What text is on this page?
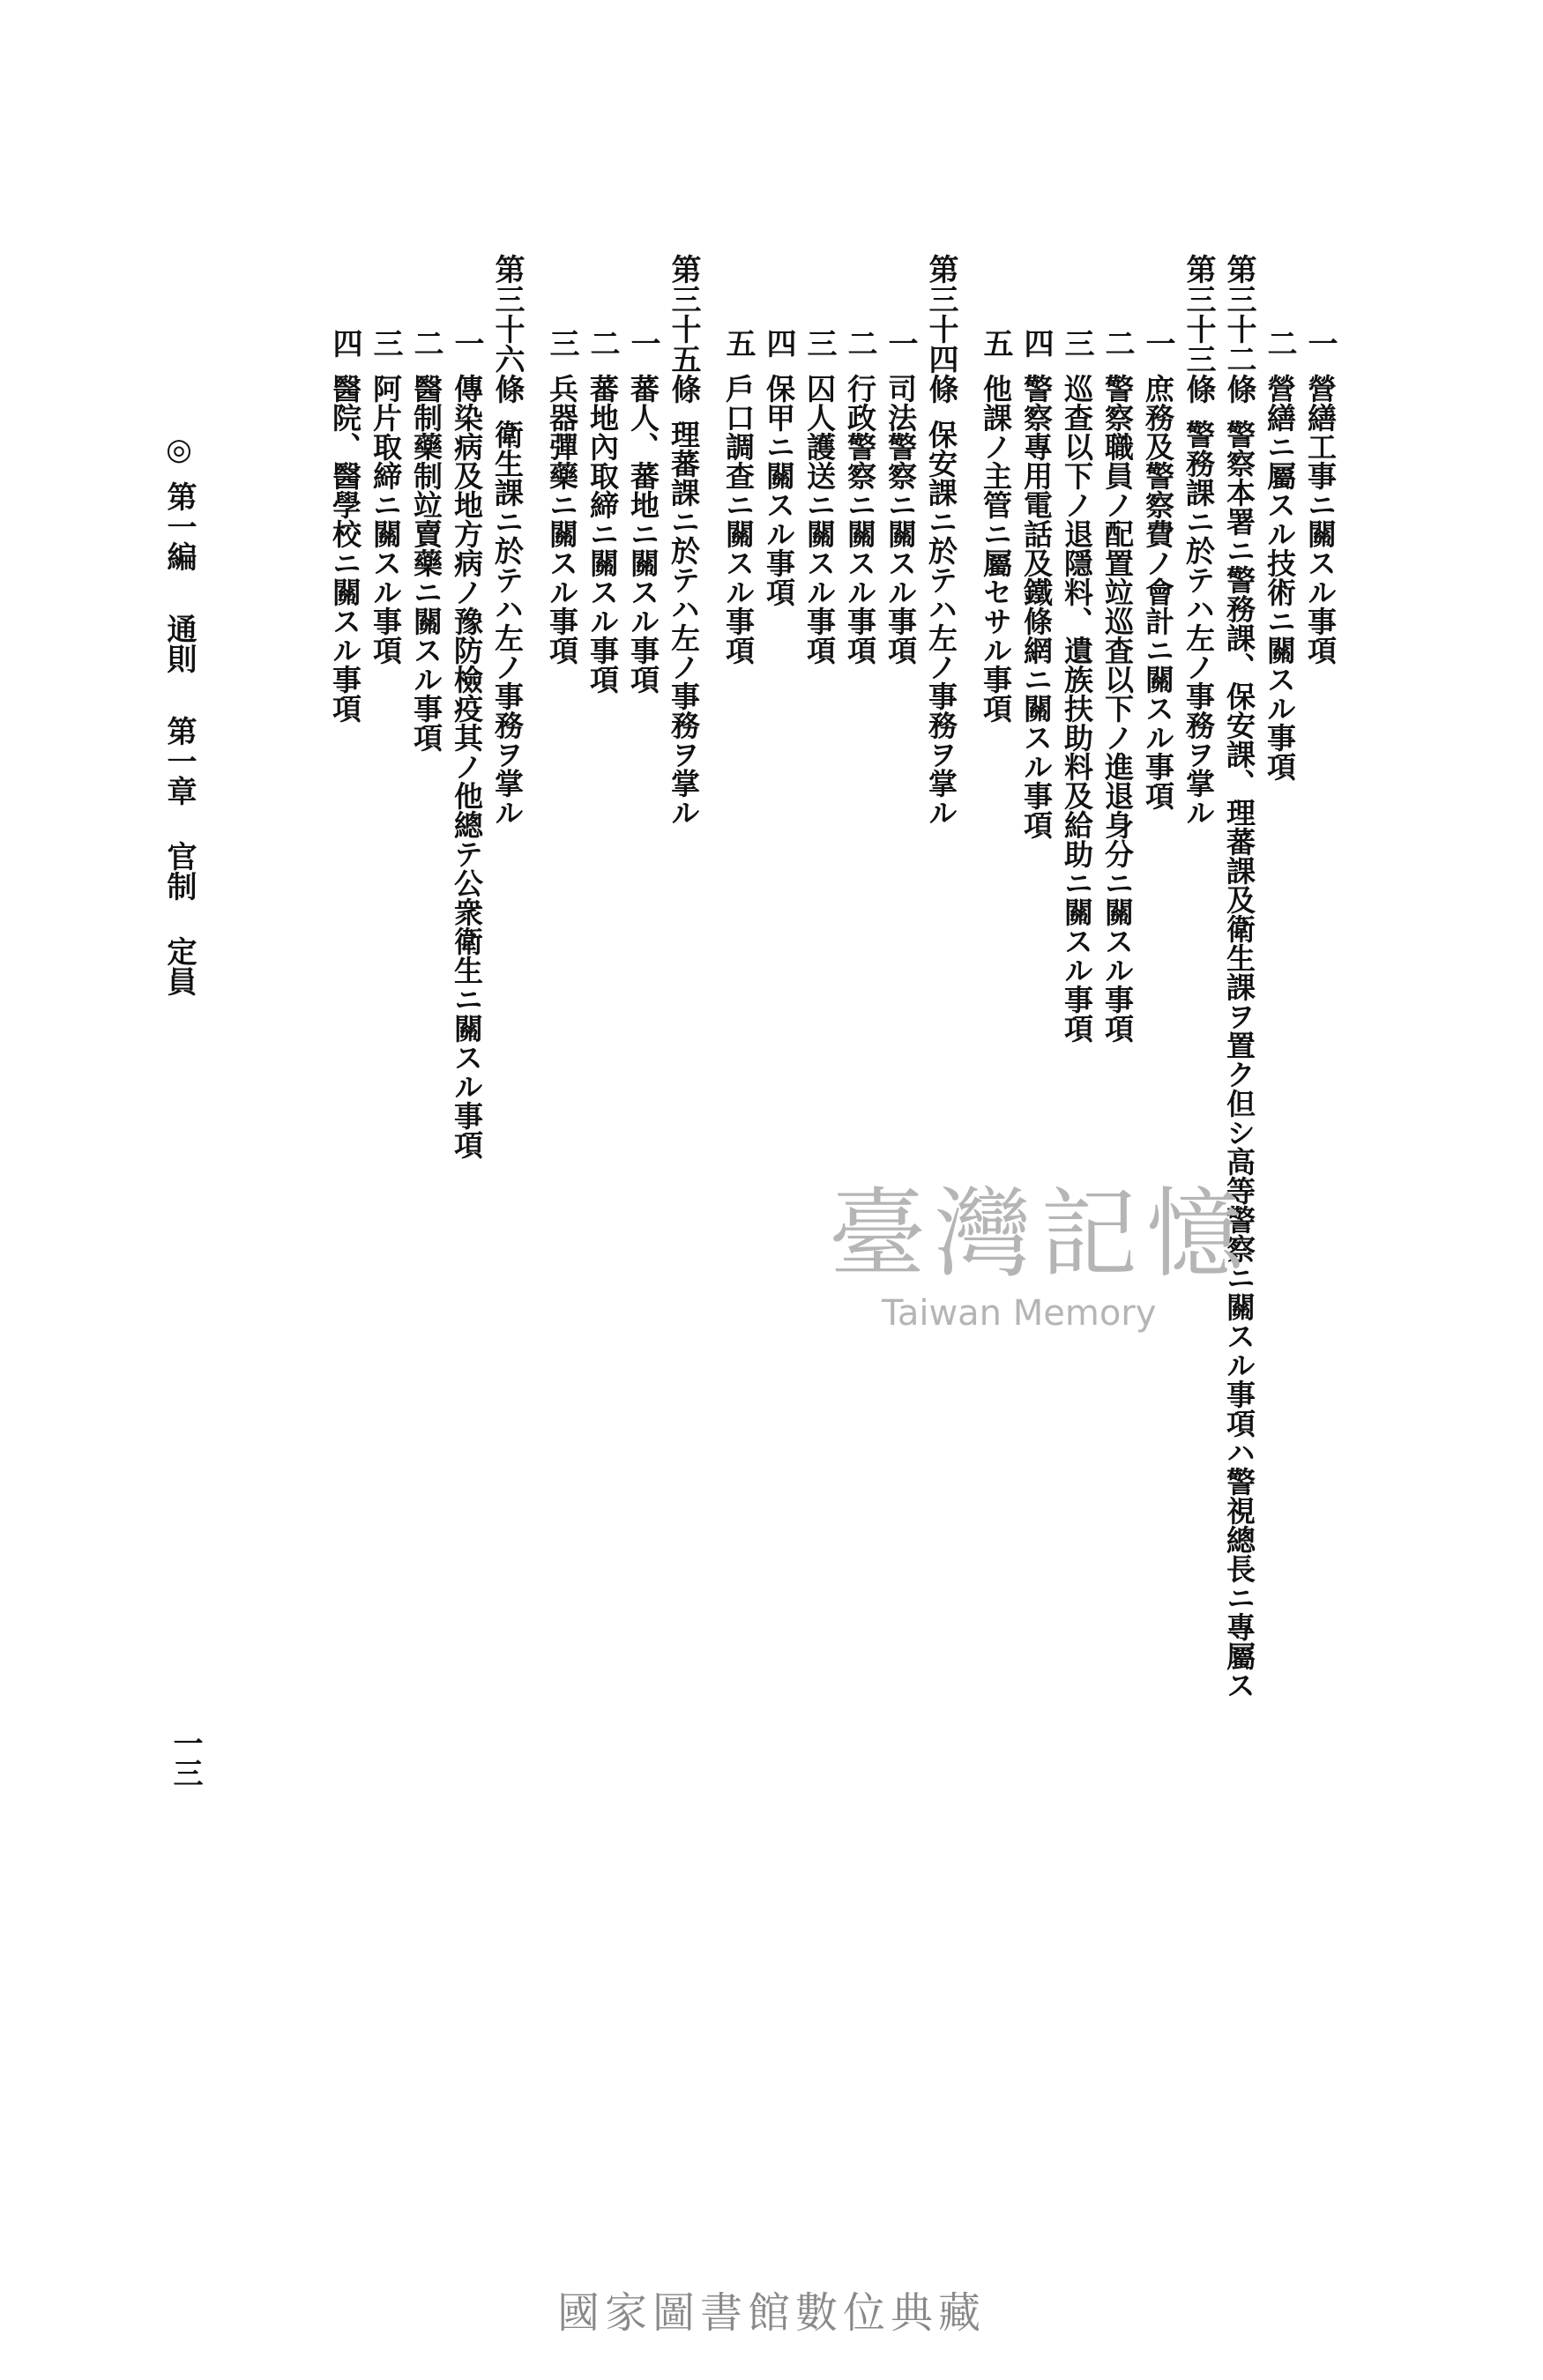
一營繕工事ニ關スル事項
二營繕ニ屬スル技術ニ關スル事項
第三十二條警察本署ニ警務課、保安課、理蕃課及衛生課ヲ置ク但シ高等警察ニ關スル事項ハ警視總長ニ專屬ス
第三十三條警務課ニ於テハ左ノ事務ヲ掌ル
一庶務及警察費ノ會計ニ關スル事項
二警察職員ノ配置竝巡査以下ノ進退身分ニ關スル事項
三巡查以下ノ退隱料、遺族扶助料及給助ニ關スル事項
四警察專用電話及鐵條網ニ關スル事項
五他課ノ主管ニ屬セサル事項
第三十四條保安課ニ於テハ左ノ事務ヲ掌ル
一司法警察ニ關スル事項
二行政警察ニ關スル事項
三囚人護送ニ關スル事項
四保甲ニ關スル事項
五戶口調查ニ關スル事項
第三十五條理蕃課ニ於テハ左ノ事務ヲ掌ル
一蕃人、蕃地ニ關スル事項
二蕃地內取締ニ關スル事項
三兵器彈藥ニ關スル事項
第三十六條衛生課ニ於テハ左ノ事務ヲ掌ル
一傳染病及地方病ノ豫防檢疫其ノ他總テ公衆衛生ニ關スル事項
二醫制藥制竝賣藥ニ關スル事項
三阿片取締ニ關スル事項
四醫院、醫學校ニ關スル事項
◎第一編通則第一章官制定員
一三
臺灣記憶
Taiwan Memory
國家圖書館數位典藏
